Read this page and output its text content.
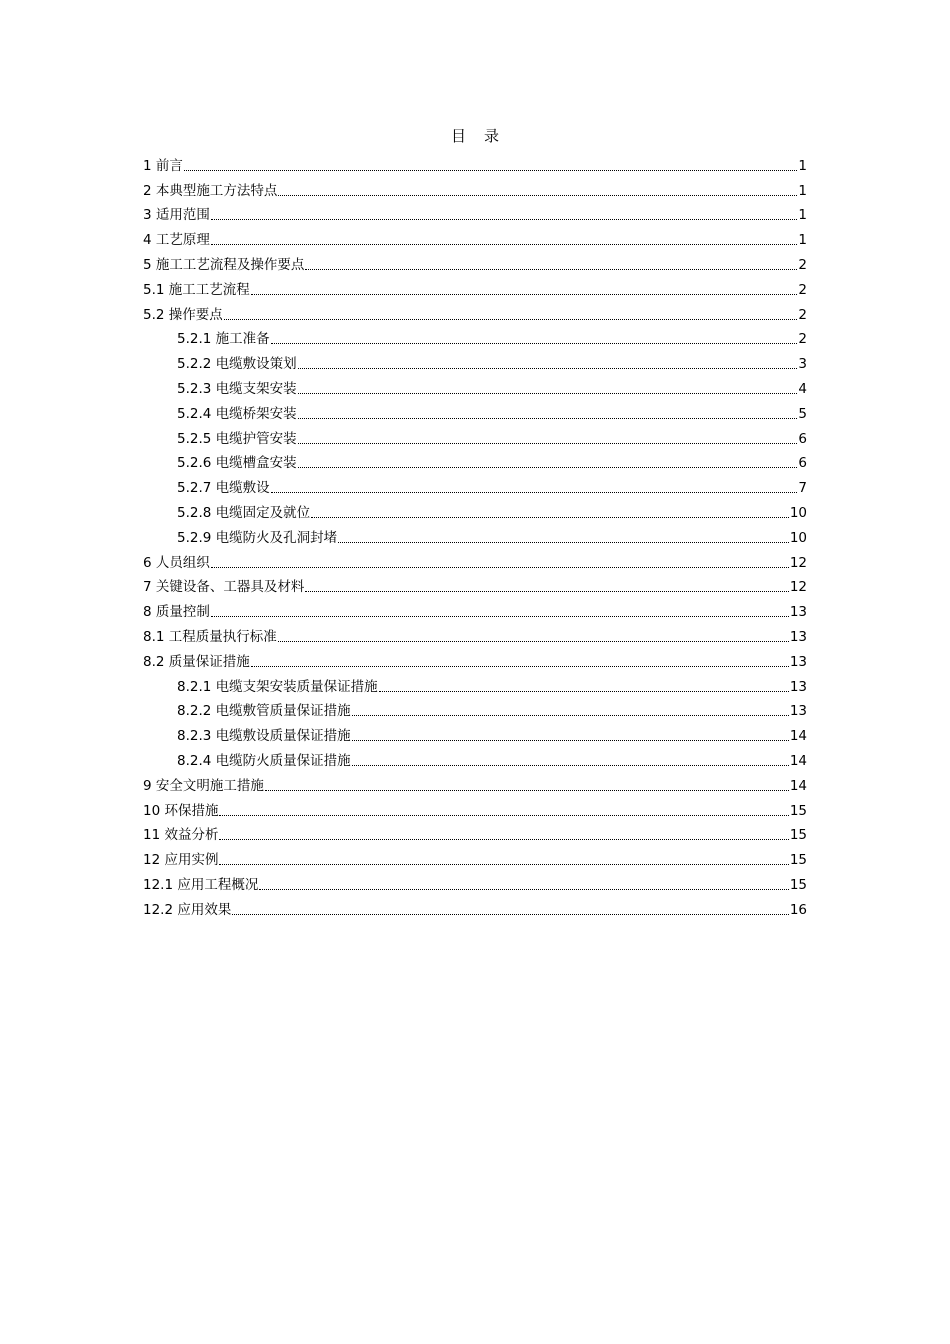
目录
1 前言	1
2 本典型施工方法特点	1
3 适用范围	1
4 工艺原理	1
5 施工工艺流程及操作要点	2
5.1 施工工艺流程	2
5.2 操作要点	2
5.2.1 施工准备	2
5.2.2 电缆敷设策划	3
5.2.3 电缆支架安装	4
5.2.4 电缆桥架安装	5
5.2.5 电缆护管安装	6
5.2.6 电缆槽盒安装	6
5.2.7 电缆敷设	7
5.2.8 电缆固定及就位	10
5.2.9 电缆防火及孔洞封堵	10
6 人员组织	12
7 关键设备、工器具及材料	12
8 质量控制	13
8.1 工程质量执行标准	13
8.2 质量保证措施	13
8.2.1 电缆支架安装质量保证措施	13
8.2.2 电缆敷管质量保证措施	13
8.2.3 电缆敷设质量保证措施	14
8.2.4 电缆防火质量保证措施	14
9 安全文明施工措施	14
10 环保措施	15
11 效益分析	15
12 应用实例	15
12.1 应用工程概况	15
12.2 应用效果	16
